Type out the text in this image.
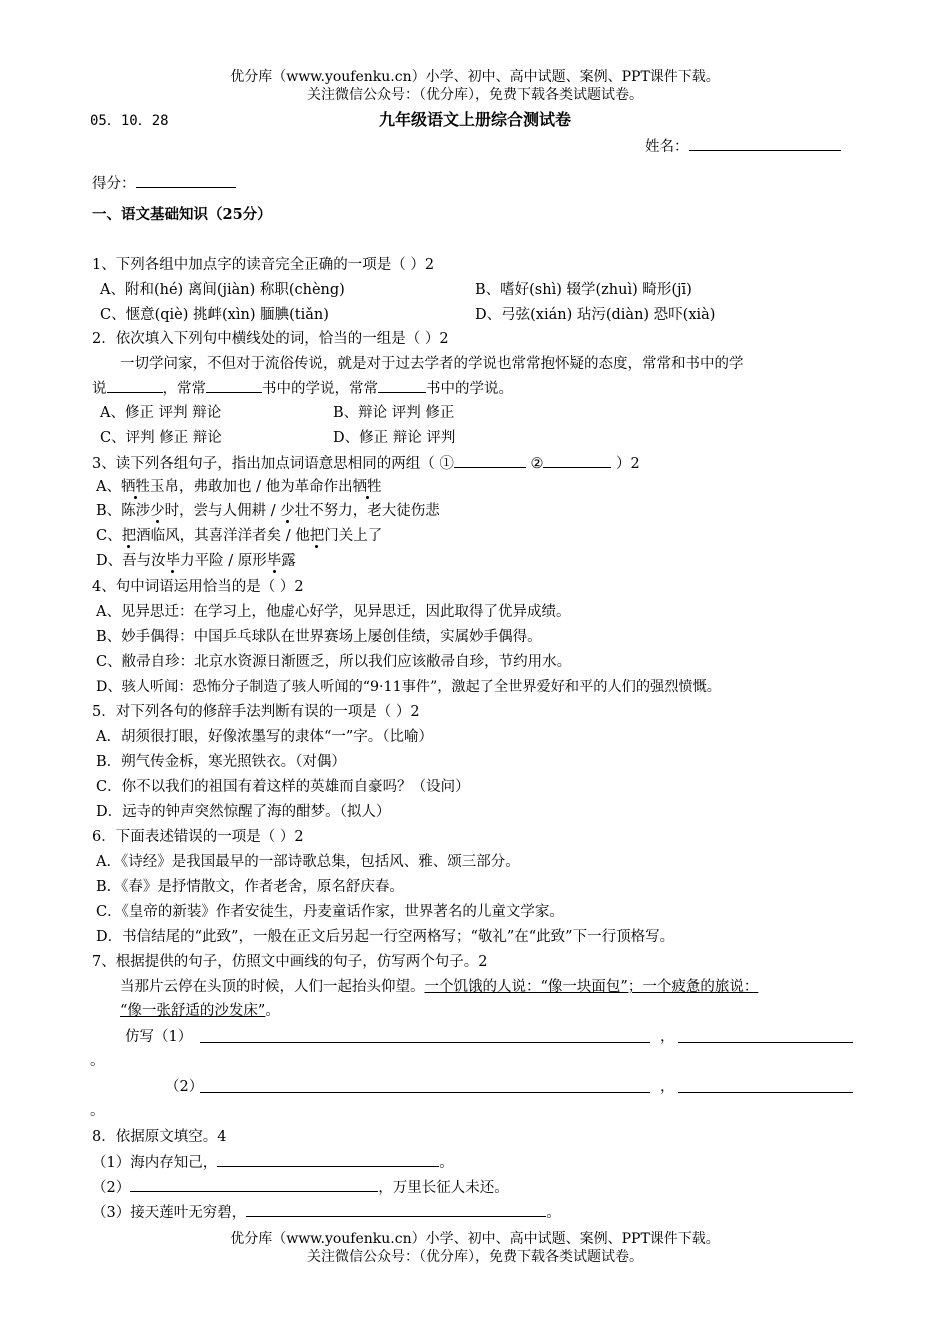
优分库（www.youfenku.cn）小学、初中、高中试题、案例、PPT课件下载。
关注微信公众号：（优分库），免费下载各类试题试卷。
05．10．28	九年级语文上册综合测试卷
姓名：
得分：
一、语文基础知识（25分）
1、下列各组中加点字的读音完全正确的一项是（ ）2
A、附和(hé) 离间(jiàn) 称职(chèng)	B、嗜好(shì) 辍学(zhuì) 畸形(jī)
C、惬意(qiè) 挑衅(xìn) 腼腆(tiǎn)	D、弓弦(xián) 玷污(diàn) 恐吓(xià)
2．依次填入下列句中横线处的词，恰当的一组是（ ）2
一切学问家，不但对于流俗传说，就是对于过去学者的学说也常常抱怀疑的态度，常常和书中的学
说	，常常	书中的学说，常常	书中的学说。
A、修正 评判 辩论	B、辩论 评判 修正
C、评判 修正 辩论	D、修正 辩论 评判
3、读下列各组句子，指出加点词语意思相同的两组（ ①	②	）2
A、牺牲玉帛，弗敢加也 / 他为革命作出牺牲
B、陈涉少时，尝与人佣耕 / 少壮不努力，老大徒伤悲
C、把酒临风，其喜洋洋者矣 / 他把门关上了
D、吾与汝毕力平险 / 原形毕露
4、句中词语运用恰当的是（ ）2
A、见异思迁：在学习上，他虚心好学，见异思迁，因此取得了优异成绩。
B、妙手偶得：中国乒乓球队在世界赛场上屡创佳绩，实属妙手偶得。
C、敝帚自珍：北京水资源日渐匮乏，所以我们应该敝帚自珍，节约用水。
D、骇人听闻：恐怖分子制造了骇人听闻的“9·11事件”，激起了全世界爱好和平的人们的强烈愤慨。
5．对下列各句的修辞手法判断有误的一项是（ ）2
A．胡须很打眼，好像浓墨写的隶体“一”字。（比喻）
B．朔气传金柝，寒光照铁衣。（对偶）
C．你不以我们的祖国有着这样的英雄而自豪吗？（设问）
D．远寺的钟声突然惊醒了海的酣梦。（拟人）
6．下面表述错误的一项是（ ）2
A．《诗经》是我国最早的一部诗歌总集，包括风、雅、颂三部分。
B．《春》是抒情散文，作者老舍，原名舒庆春。
C．《皇帝的新装》作者安徒生，丹麦童话作家，世界著名的儿童文学家。
D．书信结尾的“此致”，一般在正文后另起一行空两格写；“敬礼”在“此致”下一行顶格写。
7、根据提供的句子，仿照文中画线的句子，仿写两个句子。2
当那片云停在头顶的时候，人们一起抬头仰望。一个饥饿的人说：“像一块面包”；一个疲惫的旅说：
“像一张舒适的沙发床”。
仿写（1）	，
。
（2）	，
。
8．依据原文填空。4
（1）海内存知己，	。
（2）	，万里长征人未还。
（3）接天莲叶无穷碧，	。
优分库（www.youfenku.cn）小学、初中、高中试题、案例、PPT课件下载。
关注微信公众号：（优分库），免费下载各类试题试卷。
